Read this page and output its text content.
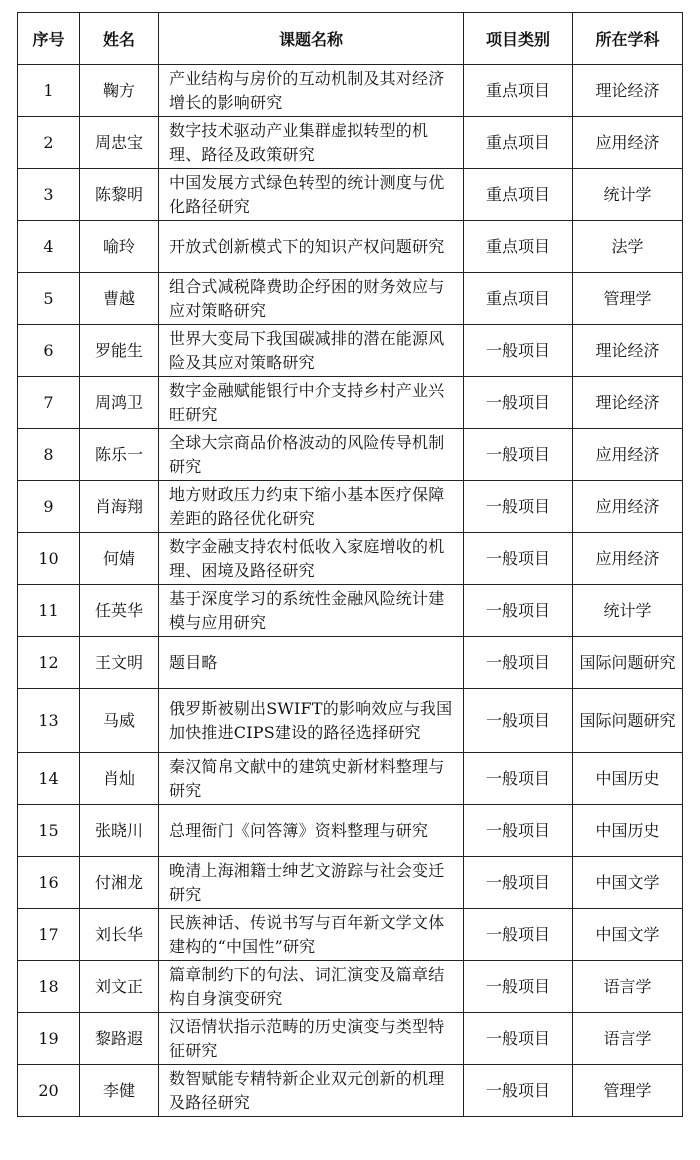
序号	姓名	课题名称	项目类别	所在学科
1	鞠方	产业结构与房价的互动机制及其对经济增长的影响研究	重点项目	理论经济
2	周忠宝	数字技术驱动产业集群虚拟转型的机理、路径及政策研究	重点项目	应用经济
3	陈黎明	中国发展方式绿色转型的统计测度与优化路径研究	重点项目	统计学
4	喻玲	开放式创新模式下的知识产权问题研究	重点项目	法学
5	曹越	组合式减税降费助企纾困的财务效应与应对策略研究	重点项目	管理学
6	罗能生	世界大变局下我国碳减排的潜在能源风险及其应对策略研究	一般项目	理论经济
7	周鸿卫	数字金融赋能银行中介支持乡村产业兴旺研究	一般项目	理论经济
8	陈乐一	全球大宗商品价格波动的风险传导机制研究	一般项目	应用经济
9	肖海翔	地方财政压力约束下缩小基本医疗保障差距的路径优化研究	一般项目	应用经济
10	何婧	数字金融支持农村低收入家庭增收的机理、困境及路径研究	一般项目	应用经济
11	任英华	基于深度学习的系统性金融风险统计建模与应用研究	一般项目	统计学
12	王文明	题目略	一般项目	国际问题研究
13	马威	俄罗斯被剔出SWIFT的影响效应与我国加快推进CIPS建设的路径选择研究	一般项目	国际问题研究
14	肖灿	秦汉简帛文献中的建筑史新材料整理与研究	一般项目	中国历史
15	张晓川	总理衙门《问答簿》资料整理与研究	一般项目	中国历史
16	付湘龙	晚清上海湘籍士绅艺文游踪与社会变迁研究	一般项目	中国文学
17	刘长华	民族神话、传说书写与百年新文学文体建构的“中国性”研究	一般项目	中国文学
18	刘文正	篇章制约下的句法、词汇演变及篇章结构自身演变研究	一般项目	语言学
19	黎路遐	汉语情状指示范畴的历史演变与类型特征研究	一般项目	语言学
20	李健	数智赋能专精特新企业双元创新的机理及路径研究	一般项目	管理学
